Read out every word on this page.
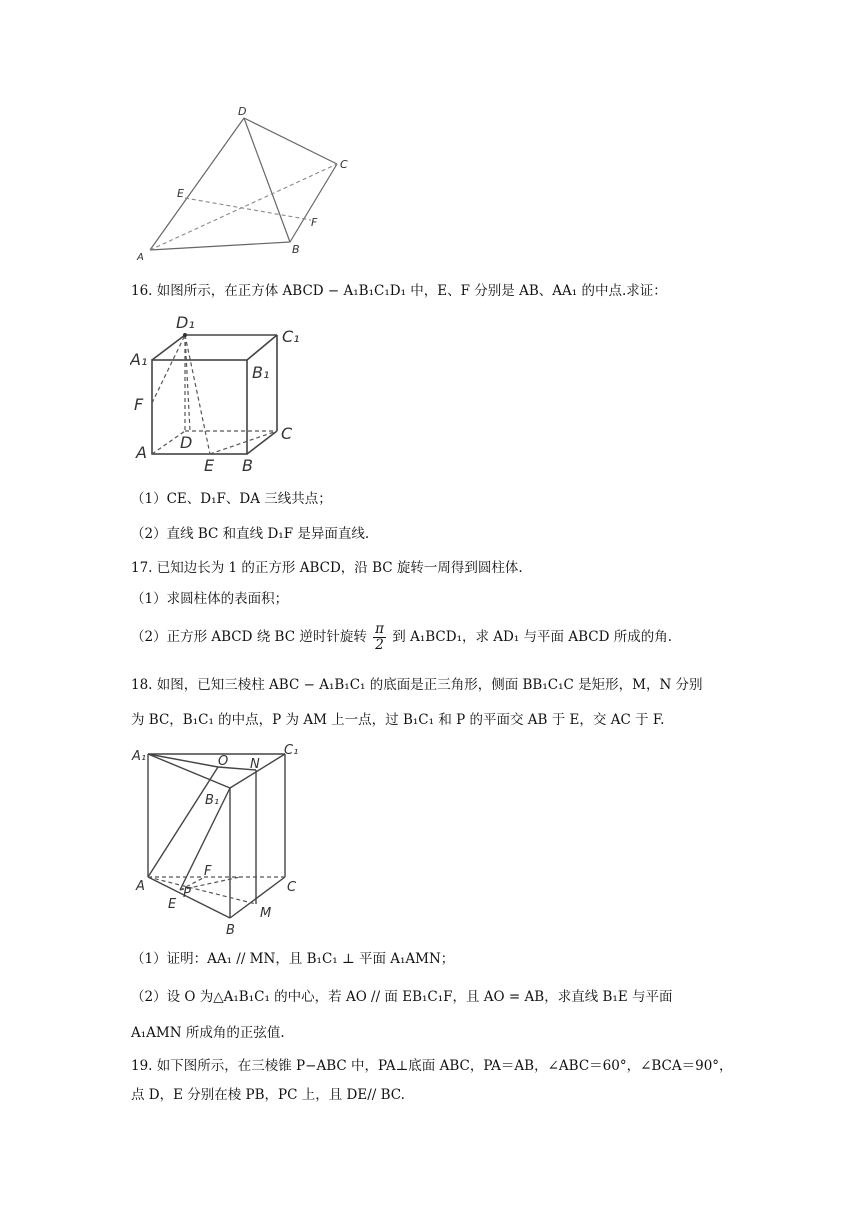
D
C
E
F
A
B
16. 如图所示，在正方体 ABCD − A₁B₁C₁D₁ 中，E、F 分别是 AB、AA₁ 的中点.求证：
D₁
C₁
A₁
B₁
F
D	C
A
E B
（1）CE、D₁F、DA 三线共点；
（2）直线 BC 和直线 D₁F 是异面直线.
17. 已知边长为 1 的正方形 ABCD，沿 BC 旋转一周得到圆柱体.
（1）求圆柱体的表面积；
（2）正方形 ABCD 绕 BC 逆时针旋转 $\frac{\pi}{2}$ 到 A₁BCD₁，求 AD₁ 与平面 ABCD 所成的角.
18. 如图，已知三棱柱 ABC − A₁B₁C₁ 的底面是正三角形，侧面 BB₁C₁C 是矩形，M，N 分别
为 BC，B₁C₁ 的中点，P 为 AM 上一点，过 B₁C₁ 和 P 的平面交 AB 于 E，交 AC 于 F.
A₁	O
C₁
N
B₁
F
A	C
P
E
M
B
（1）证明：AA₁ // MN，且 B₁C₁ ⊥ 平面 A₁AMN；
（2）设 O 为△A₁B₁C₁ 的中心，若 AO // 面 EB₁C₁F，且 AO = AB，求直线 B₁E 与平面
A₁AMN 所成角的正弦值.
19. 如下图所示，在三棱锥 P−ABC 中，PA⊥底面 ABC，PA＝AB，∠ABC＝60°，∠BCA＝90°，
点 D，E 分别在棱 PB，PC 上，且 DE// BC.
